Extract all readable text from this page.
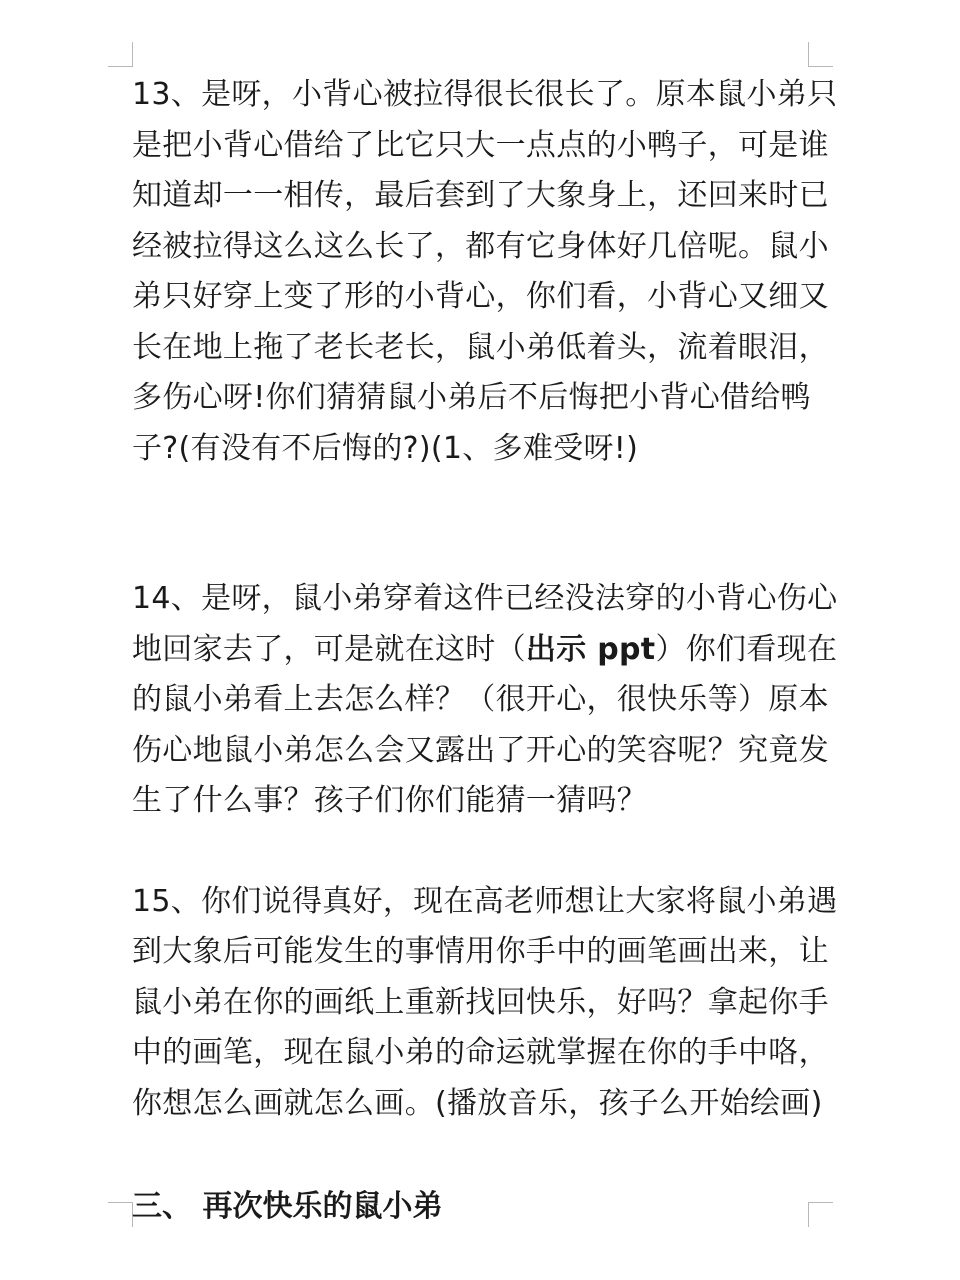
13、是呀，小背心被拉得很长很长了。原本鼠小弟只
是把小背心借给了比它只大一点点的小鸭子，可是谁
知道却一一相传，最后套到了大象身上，还回来时已
经被拉得这么这么长了，都有它身体好几倍呢。鼠小
弟只好穿上变了形的小背心，你们看，小背心又细又
长在地上拖了老长老长，鼠小弟低着头，流着眼泪，
多伤心呀!你们猜猜鼠小弟后不后悔把小背心借给鸭
子?(有没有不后悔的?)(1、多难受呀!)

14、是呀，鼠小弟穿着这件已经没法穿的小背心伤心
地回家去了，可是就在这时（出示 ppt）你们看现在
的鼠小弟看上去怎么样？（很开心，很快乐等）原本
伤心地鼠小弟怎么会又露出了开心的笑容呢？究竟发
生了什么事？孩子们你们能猜一猜吗？

15、你们说得真好，现在高老师想让大家将鼠小弟遇
到大象后可能发生的事情用你手中的画笔画出来，让
鼠小弟在你的画纸上重新找回快乐，好吗？拿起你手
中的画笔，现在鼠小弟的命运就掌握在你的手中咯，
你想怎么画就怎么画。(播放音乐，孩子么开始绘画)

三、 再次快乐的鼠小弟
